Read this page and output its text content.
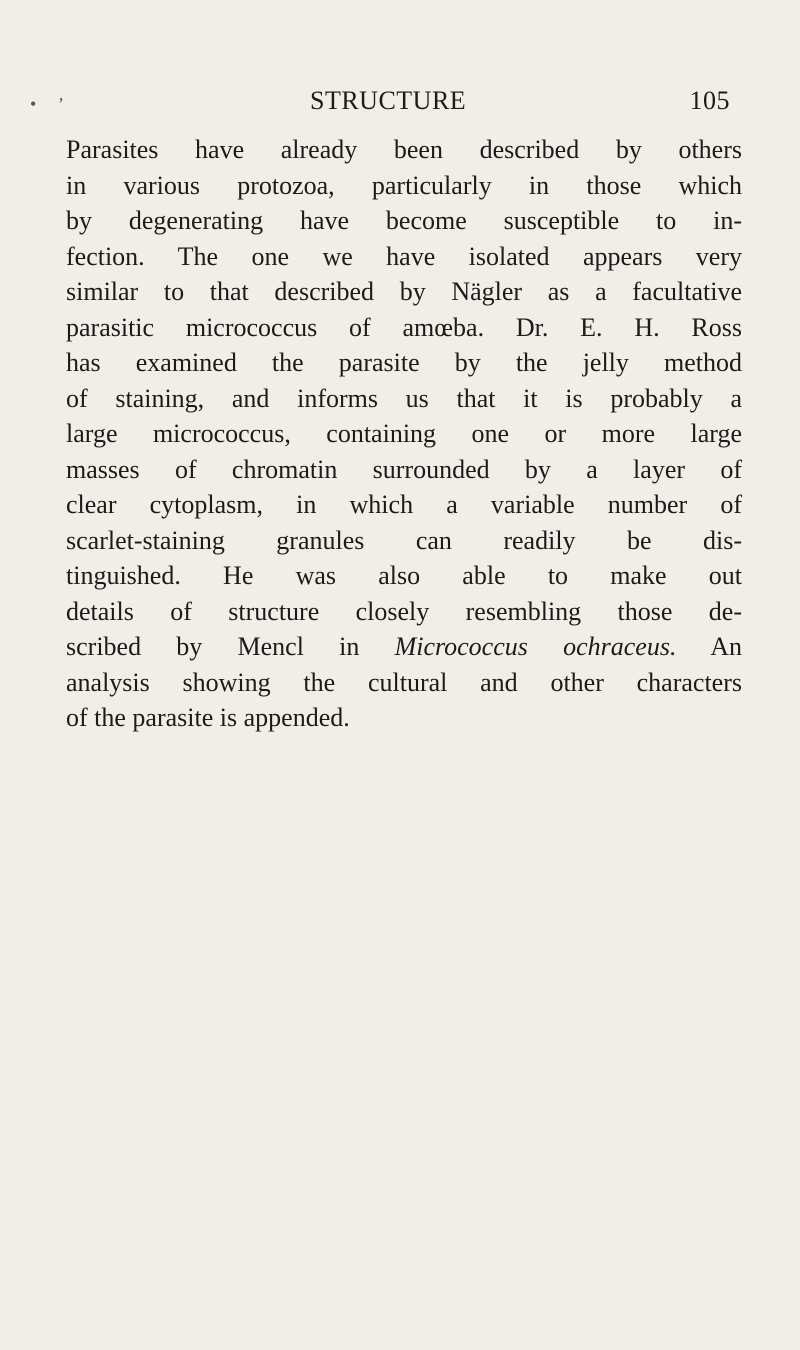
• ʼ	STRUCTURE	105
Parasites have already been described by others
in various protozoa, particularly in those which
by degenerating have become susceptible to in-
fection. The one we have isolated appears very
similar to that described by Nägler as a facultative
parasitic micrococcus of amœba. Dr. E. H. Ross
has examined the parasite by the jelly method
of staining, and informs us that it is probably a
large micrococcus, containing one or more large
masses of chromatin surrounded by a layer of
clear cytoplasm, in which a variable number of
scarlet-staining granules can readily be dis-
tinguished. He was also able to make out
details of structure closely resembling those de-
scribed by Mencl in Micrococcus ochraceus. An
analysis showing the cultural and other characters
of the parasite is appended.
